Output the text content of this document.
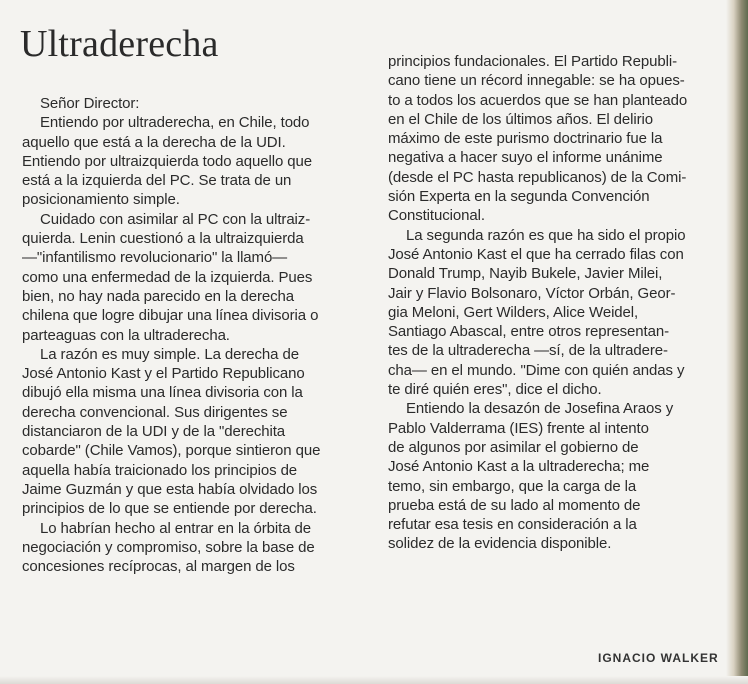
Ultraderecha
Señor Director:
Entiendo por ultraderecha, en Chile, todo
aquello que está a la derecha de la UDI.
Entiendo por ultraizquierda todo aquello que
está a la izquierda del PC. Se trata de un
posicionamiento simple.
Cuidado con asimilar al PC con la ultraiz-
quierda. Lenin cuestionó a la ultraizquierda
—"infantilismo revolucionario" la llamó—
como una enfermedad de la izquierda. Pues
bien, no hay nada parecido en la derecha
chilena que logre dibujar una línea divisoria o
parteaguas con la ultraderecha.
La razón es muy simple. La derecha de
José Antonio Kast y el Partido Republicano
dibujó ella misma una línea divisoria con la
derecha convencional. Sus dirigentes se
distanciaron de la UDI y de la "derechita
cobarde" (Chile Vamos), porque sintieron que
aquella había traicionado los principios de
Jaime Guzmán y que esta había olvidado los
principios de lo que se entiende por derecha.
Lo habrían hecho al entrar en la órbita de
negociación y compromiso, sobre la base de
concesiones recíprocas, al margen de los
principios fundacionales. El Partido Republi-
cano tiene un récord innegable: se ha opues-
to a todos los acuerdos que se han planteado
en el Chile de los últimos años. El delirio
máximo de este purismo doctrinario fue la
negativa a hacer suyo el informe unánime
(desde el PC hasta republicanos) de la Comi-
sión Experta en la segunda Convención
Constitucional.
La segunda razón es que ha sido el propio
José Antonio Kast el que ha cerrado filas con
Donald Trump, Nayib Bukele, Javier Milei,
Jair y Flavio Bolsonaro, Víctor Orbán, Geor-
gia Meloni, Gert Wilders, Alice Weidel,
Santiago Abascal, entre otros representan-
tes de la ultraderecha —sí, de la ultradere-
cha— en el mundo. "Dime con quién andas y
te diré quién eres", dice el dicho.
Entiendo la desazón de Josefina Araos y
Pablo Valderrama (IES) frente al intento
de algunos por asimilar el gobierno de
José Antonio Kast a la ultraderecha; me
temo, sin embargo, que la carga de la
prueba está de su lado al momento de
refutar esa tesis en consideración a la
solidez de la evidencia disponible.
IGNACIO WALKER
